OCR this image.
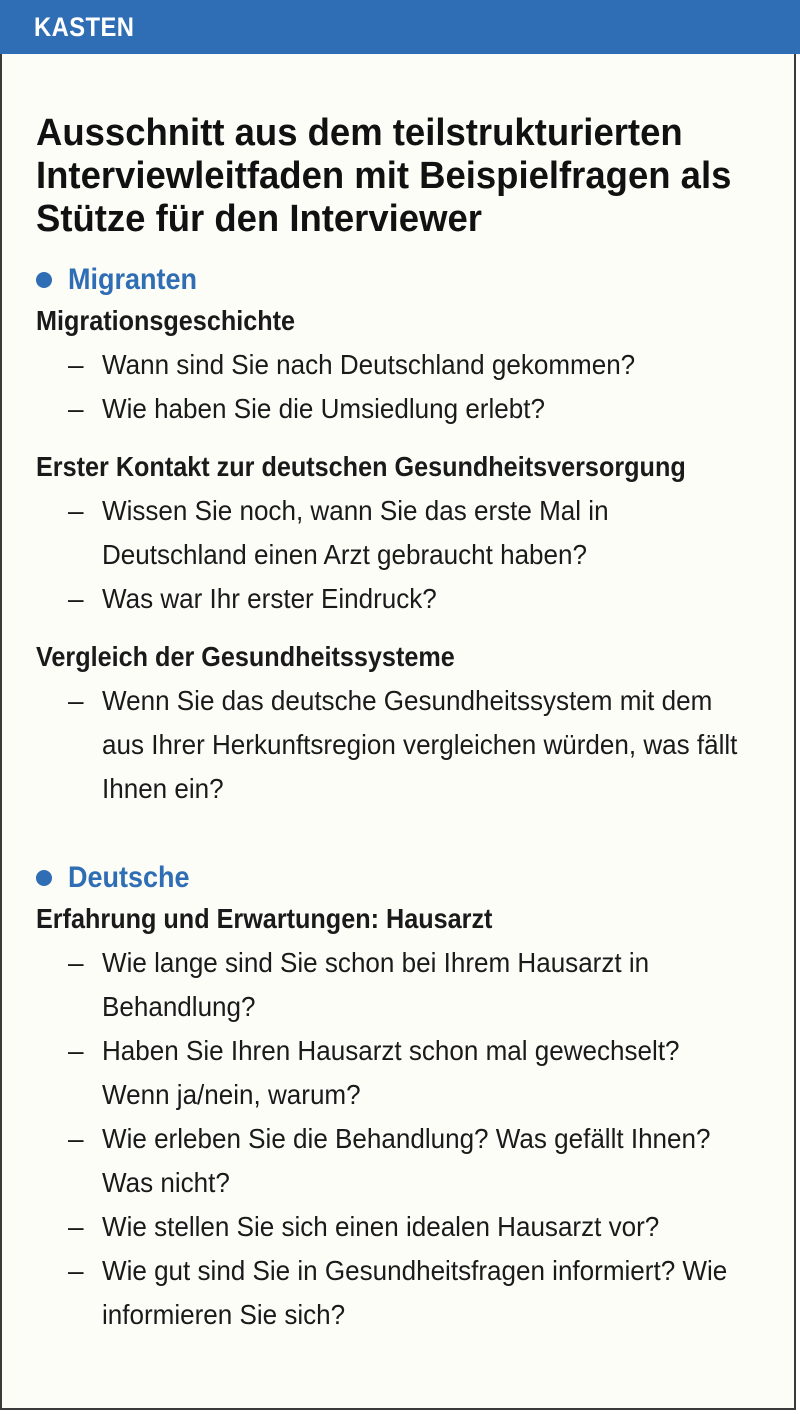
KASTEN
Ausschnitt aus dem teilstrukturierten Interviewleitfaden mit Beispielfragen als Stütze für den Interviewer
Migranten
Migrationsgeschichte
– Wann sind Sie nach Deutschland gekommen?
– Wie haben Sie die Umsiedlung erlebt?
Erster Kontakt zur deutschen Gesundheitsversorgung
– Wissen Sie noch, wann Sie das erste Mal in Deutschland einen Arzt gebraucht haben?
– Was war Ihr erster Eindruck?
Vergleich der Gesundheitssysteme
– Wenn Sie das deutsche Gesundheitssystem mit dem aus Ihrer Herkunftsregion vergleichen würden, was fällt Ihnen ein?
Deutsche
Erfahrung und Erwartungen: Hausarzt
– Wie lange sind Sie schon bei Ihrem Hausarzt in Behandlung?
– Haben Sie Ihren Hausarzt schon mal gewechselt? Wenn ja/nein, warum?
– Wie erleben Sie die Behandlung? Was gefällt Ihnen? Was nicht?
– Wie stellen Sie sich einen idealen Hausarzt vor?
– Wie gut sind Sie in Gesundheitsfragen informiert? Wie informieren Sie sich?
